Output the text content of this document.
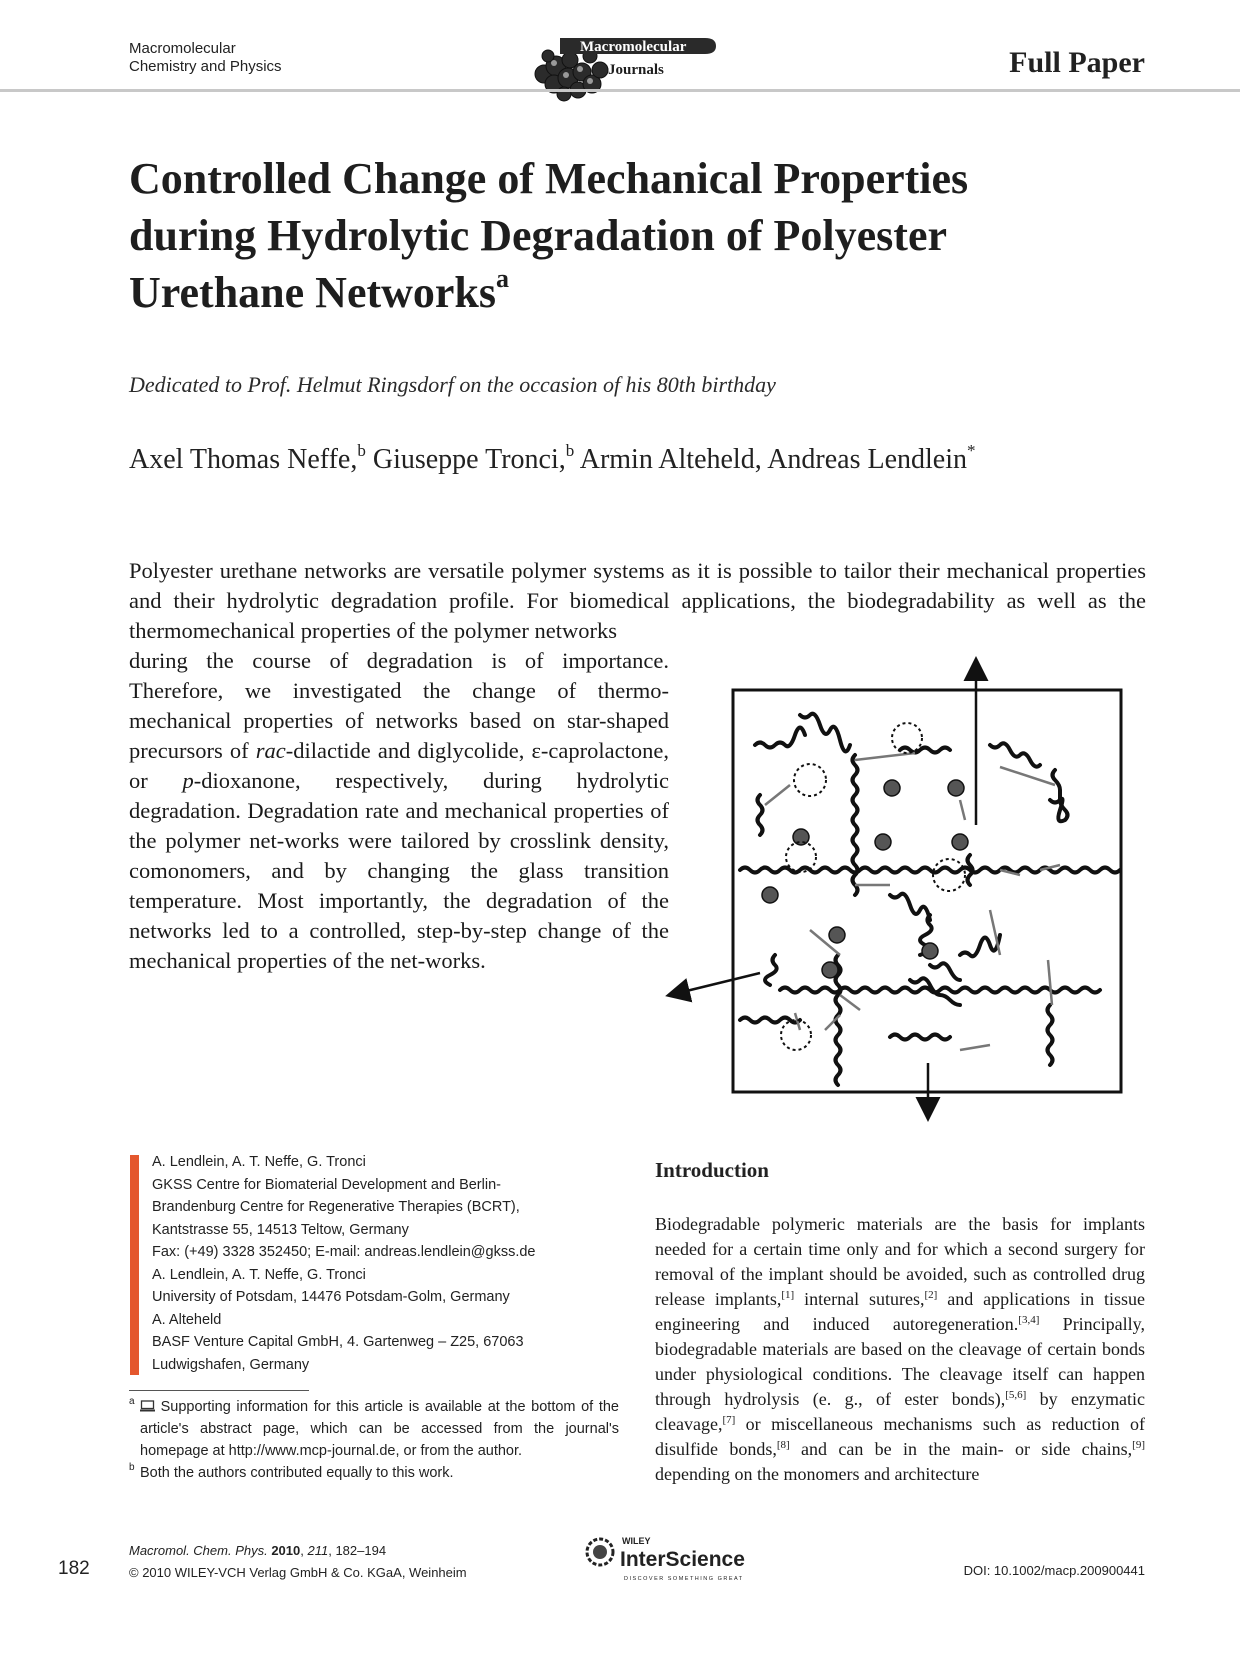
Macromolecular
Chemistry and Physics
Macromolecular
Journals	Full Paper
Controlled Change of Mechanical Properties
during Hydrolytic Degradation of Polyester
Urethane Networks$^a$
Dedicated to Prof. Helmut Ringsdorf on the occasion of his 80th birthday
Axel Thomas Neffe,$^b$ Giuseppe Tronci,$^b$ Armin Alteheld, Andreas Lendlein*
Polyester urethane networks are versatile polymer systems as it is possible to tailor their mechanical properties and their hydrolytic degradation profile. For biomedical applications, the biodegradability as well as the thermomechanical properties of the polymer networks
during the course of degradation is of importance. Therefore, we investigated the change of thermo-mechanical properties of networks based on star-shaped precursors of rac-dilactide and diglycolide, ε-caprolactone, or p-dioxanone, respectively, during hydrolytic degradation. Degradation rate and mechanical properties of the polymer net-works were tailored by crosslink density, comonomers, and by changing the glass transition temperature. Most importantly, the degradation of the networks led to a controlled, step-by-step change of the mechanical properties of the net-works.
A. Lendlein, A. T. Neffe, G. Tronci
GKSS Centre for Biomaterial Development and Berlin-
Brandenburg Centre for Regenerative Therapies (BCRT),
Kantstrasse 55, 14513 Teltow, Germany
Fax: (+49) 3328 352450; E-mail: andreas.lendlein@gkss.de
A. Lendlein, A. T. Neffe, G. Tronci
University of Potsdam, 14476 Potsdam-Golm, Germany
A. Alteheld
BASF Venture Capital GmbH, 4. Gartenweg – Z25, 67063
Ludwigshafen, Germany
a Supporting information for this article is available at the bottom of the article's abstract page, which can be accessed from the journal's homepage at http://www.mcp-journal.de, or from the author.
b Both the authors contributed equally to this work.
Introduction
Biodegradable polymeric materials are the basis for implants needed for a certain time only and for which a second surgery for removal of the implant should be avoided, such as controlled drug release implants,[1] internal sutures,[2] and applications in tissue engineering and induced autoregeneration.[3,4] Principally, biodegradable materials are based on the cleavage of certain bonds under physiological conditions. The cleavage itself can happen through hydrolysis (e. g., of ester bonds),[5,6] by enzymatic cleavage,[7] or miscellaneous mechanisms such as reduction of disulfide bonds,[8] and can be in the main- or side chains,[9] depending on the monomers and architecture
182
Macromol. Chem. Phys. 2010, 211, 182–194
© 2010 WILEY-VCH Verlag GmbH & Co. KGaA, Weinheim
WILEY
InterScience
DISCOVER SOMETHING GREAT
DOI: 10.1002/macp.200900441
